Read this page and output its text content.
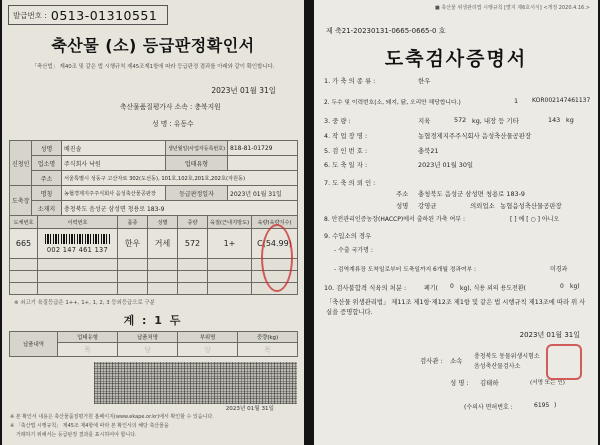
발급번호 : 0513-01310551
축산물 (소) 등급판정확인서
「축산법」 제40조 및 같은 법 시행규칙 제45조제1항에 따라 등급판정 결과를 아래와 같이 확인합니다.
2023년 01월 31일
축산물품질평가사 소속 : 충북지원
성 명 : 유동수
신청인	성명	배진솔	생년월일(사업자등록번호)	818-81-01729
	업소명	주식회사 낙원	업태유형	
	주소	서울특별시 성동구 고산자로 302(도선동), 101호,102호,201호,202호(자원동)		
도축장	명칭	농협경제지주주식회사 음성축산물공판장	등급판정일자	2023년 01월 31일
	소재지	충청북도 음성군 삼성면 청용로 183-9		
도체번호	이력번호	품종	성별	중량	육질(근내지방도)	육량(육량지수)
665	002 147 461 137	한우	거세	572	1+	C(54.99)

※ 쇠고기 육질등급은 1++, 1+, 1, 2, 3 등외등급으로 구분
계 : 1 두
납품내역	업태유형	납품처명	부위명	중량(kg)
	목	당	앙	목
2023년 01월 31일
※ 본 확인서 내용은 축산물품질평가원 홈페이지(www.ekape.or.kr)에서 확인할 수 있습니다.
※ 「축산법 시행규칙」 제45조 제4항에 따라 본 확인서의 해당 축산물을
거래하기 위해서는 등급판정 결과를 표시하여야 합니다.
■ 축산물 위생관리법 시행규칙 [별지 제6호서식] <개정 2020.4.16.>
제 축21-20230131-0665-0665-0 호
도축검사증명서
1. 가 축 의 종 류 :	한우
2. 두수 및 이력번호(소, 돼지, 닭, 오리만 해당합니다.)	1 KOR002147461137
3. 중 량 :	지육	572 kg, 내장 등 기타	143 kg
4. 작 업 장 명 :	농협경제지주주식회사 음성축산물공판장
5. 검 인 번 호 :	충북21
6. 도 축 일 자 :	2023년 01월 30일
7. 도 축 의 뢰 인 :
주소 충청북도 음성군 삼성면 청용로 183-9
성명 강영균	의뢰업소 농협음성축산물공판장
8. 안전관리인증농장(HACCP)에서 출하된 가축 여부 :	[ ] 예 [ ○ ] 아니오
9. 수입소의 경우
- 수출 국가명 :
- 검역계류장 도착일로부터 도축일까지 6개월 경과여부 :	미경과
10. 검사불합격 식육의 처분 :	폐기( 0 kg), 식용 외의 용도전환(	0 kg)
「축산물 위생관리법」 제11조 제1항·제12조 제1항 및 같은 법 시행규칙 제13조에 따라 위 사실을 증명합니다.
2023년 01월 31일
검사관 : 소속
충청북도 동물위생시험소
음성축산물검사소
성 명 : 김태하	(서명 또는 인)
(수의사 면허번호 :	6195 )
